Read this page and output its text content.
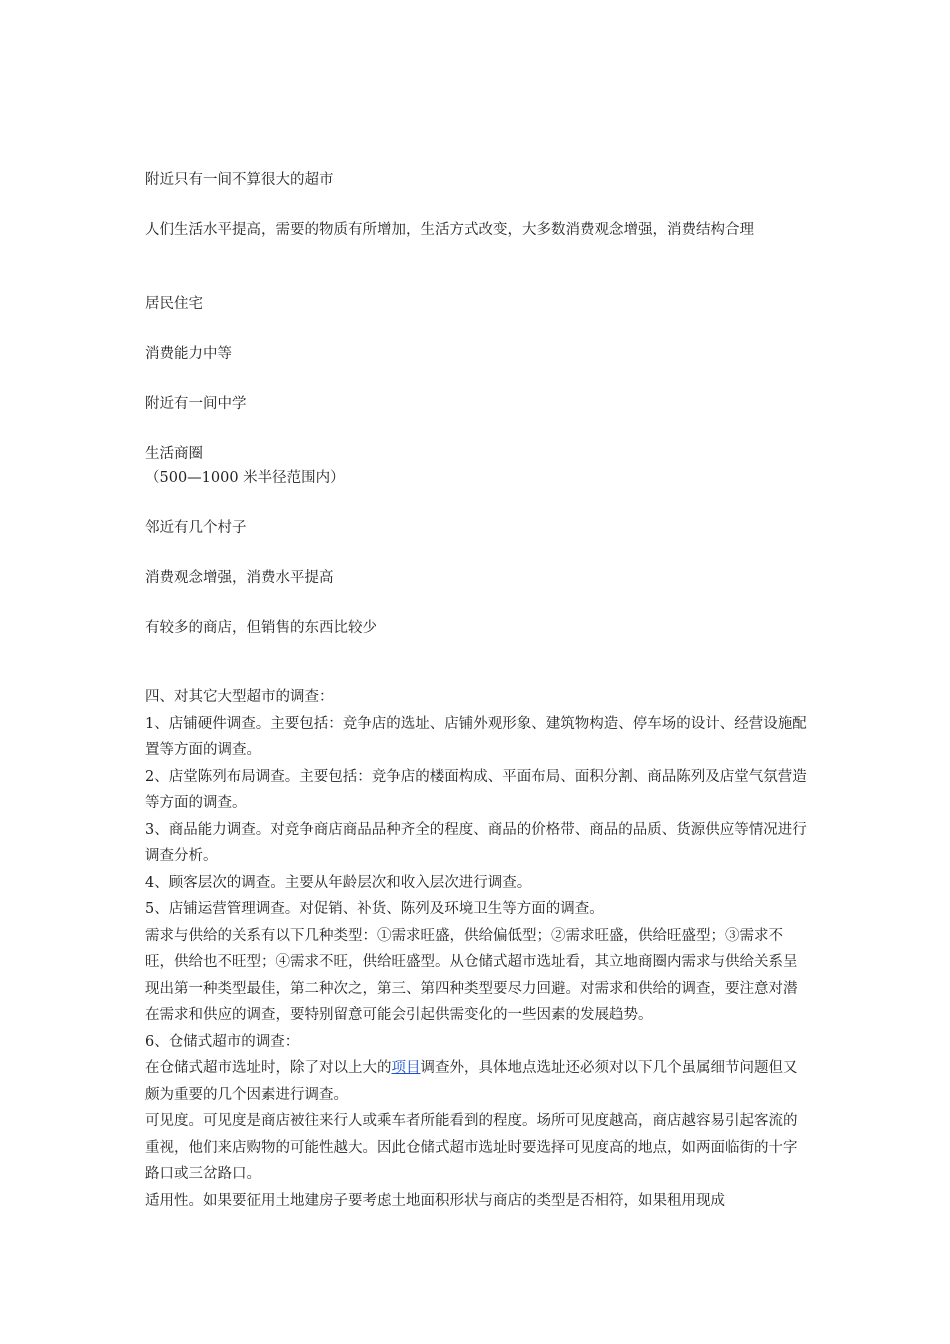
附近只有一间不算很大的超市
人们生活水平提高，需要的物质有所增加，生活方式改变，大多数消费观念增强，消费结构合理
居民住宅
消费能力中等
附近有一间中学
生活商圈
（500—1000 米半径范围内）
邻近有几个村子
消费观念增强，消费水平提高
有较多的商店，但销售的东西比较少

四、对其它大型超市的调查：

1、店铺硬件调查。主要包括：竞争店的选址、店铺外观形象、建筑物构造、停车场的设计、经营设施配置等方面的调查。

2、店堂陈列布局调查。主要包括：竞争店的楼面构成、平面布局、面积分割、商品陈列及店堂气氛营造等方面的调查。

3、商品能力调查。对竞争商店商品品种齐全的程度、商品的价格带、商品的品质、货源供应等情况进行调查分析。

4、顾客层次的调查。主要从年龄层次和收入层次进行调查。

5、店铺运营管理调查。对促销、补货、陈列及环境卫生等方面的调查。

需求与供给的关系有以下几种类型：①需求旺盛，供给偏低型；②需求旺盛，供给旺盛型；③需求不旺，供给也不旺型；④需求不旺，供给旺盛型。从仓储式超市选址看，其立地商圈内需求与供给关系呈现出第一种类型最佳，第二种次之，第三、第四种类型要尽力回避。对需求和供给的调查，要注意对潜在需求和供应的调查，要特别留意可能会引起供需变化的一些因素的发展趋势。

6、仓储式超市的调查：

在仓储式超市选址时，除了对以上大的项目调查外，具体地点选址还必须对以下几个虽属细节问题但又颇为重要的几个因素进行调查。

可见度。可见度是商店被往来行人或乘车者所能看到的程度。场所可见度越高，商店越容易引起客流的重视，他们来店购物的可能性越大。因此仓储式超市选址时要选择可见度高的地点，如两面临街的十字路口或三岔路口。

适用性。如果要征用土地建房子要考虑土地面积形状与商店的类型是否相符，如果租用现成
